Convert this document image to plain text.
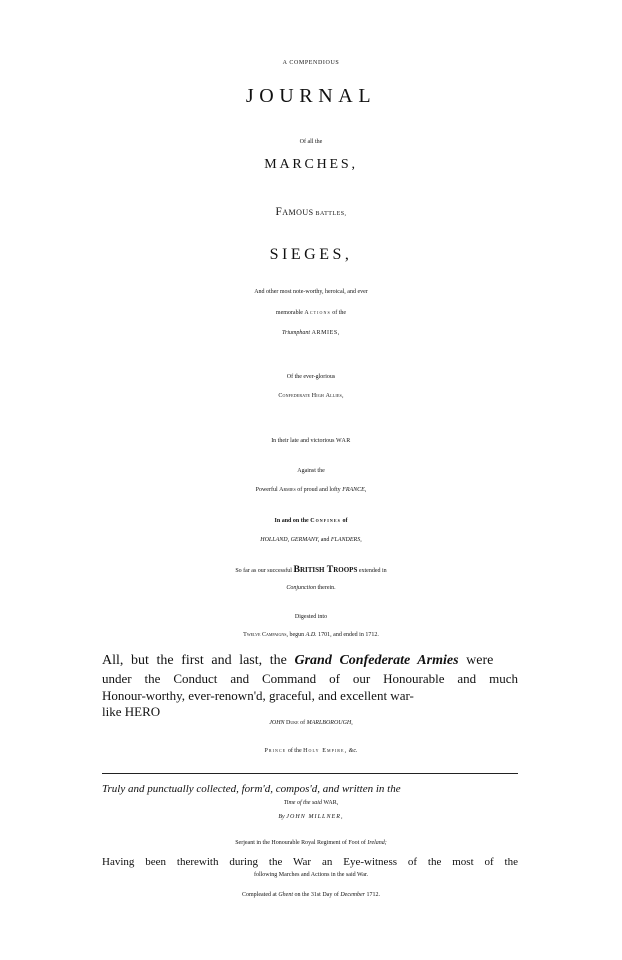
A COMPENDIOUS
JOURNAL
Of all the
MARCHES,
Famous BATTLES,
SIEGES,
And other most note-worthy, heroical, and ever
memorable Actions of the
Triumphant ARMIES,
Of the ever-glorious
Confederate High Allies,
In their late and victorious WAR
Against the
Powerful Armies of proud and lofty FRANCE,
In and on the Confines of
HOLLAND, GERMANY, and FLANDERS,
So far as our successful British Troops extended in
Conjunction therein.
Digested into
Twelve Campaigns, begun A.D. 1701, and ended in 1712.
All, but the first and last, the Grand Confederate Armies were
under the Conduct and Command of our Honourable and much
Honour-worthy, ever-renown'd, graceful, and excellent war-
like HERO
JOHN Duke of MARLBOROUGH,
Prince of the Holy Empire, &c.
Truly and punctually collected, form'd, compos'd, and written in the
Time of the said WAR,
By JOHN MILLNER,
Serjeant in the Honourable Royal Regiment of Foot of Ireland;
Having been therewith during the War an Eye-witness of the most of the
following Marches and Actions in the said War.
Compleated at Ghent on the 31st Day of December 1712.
